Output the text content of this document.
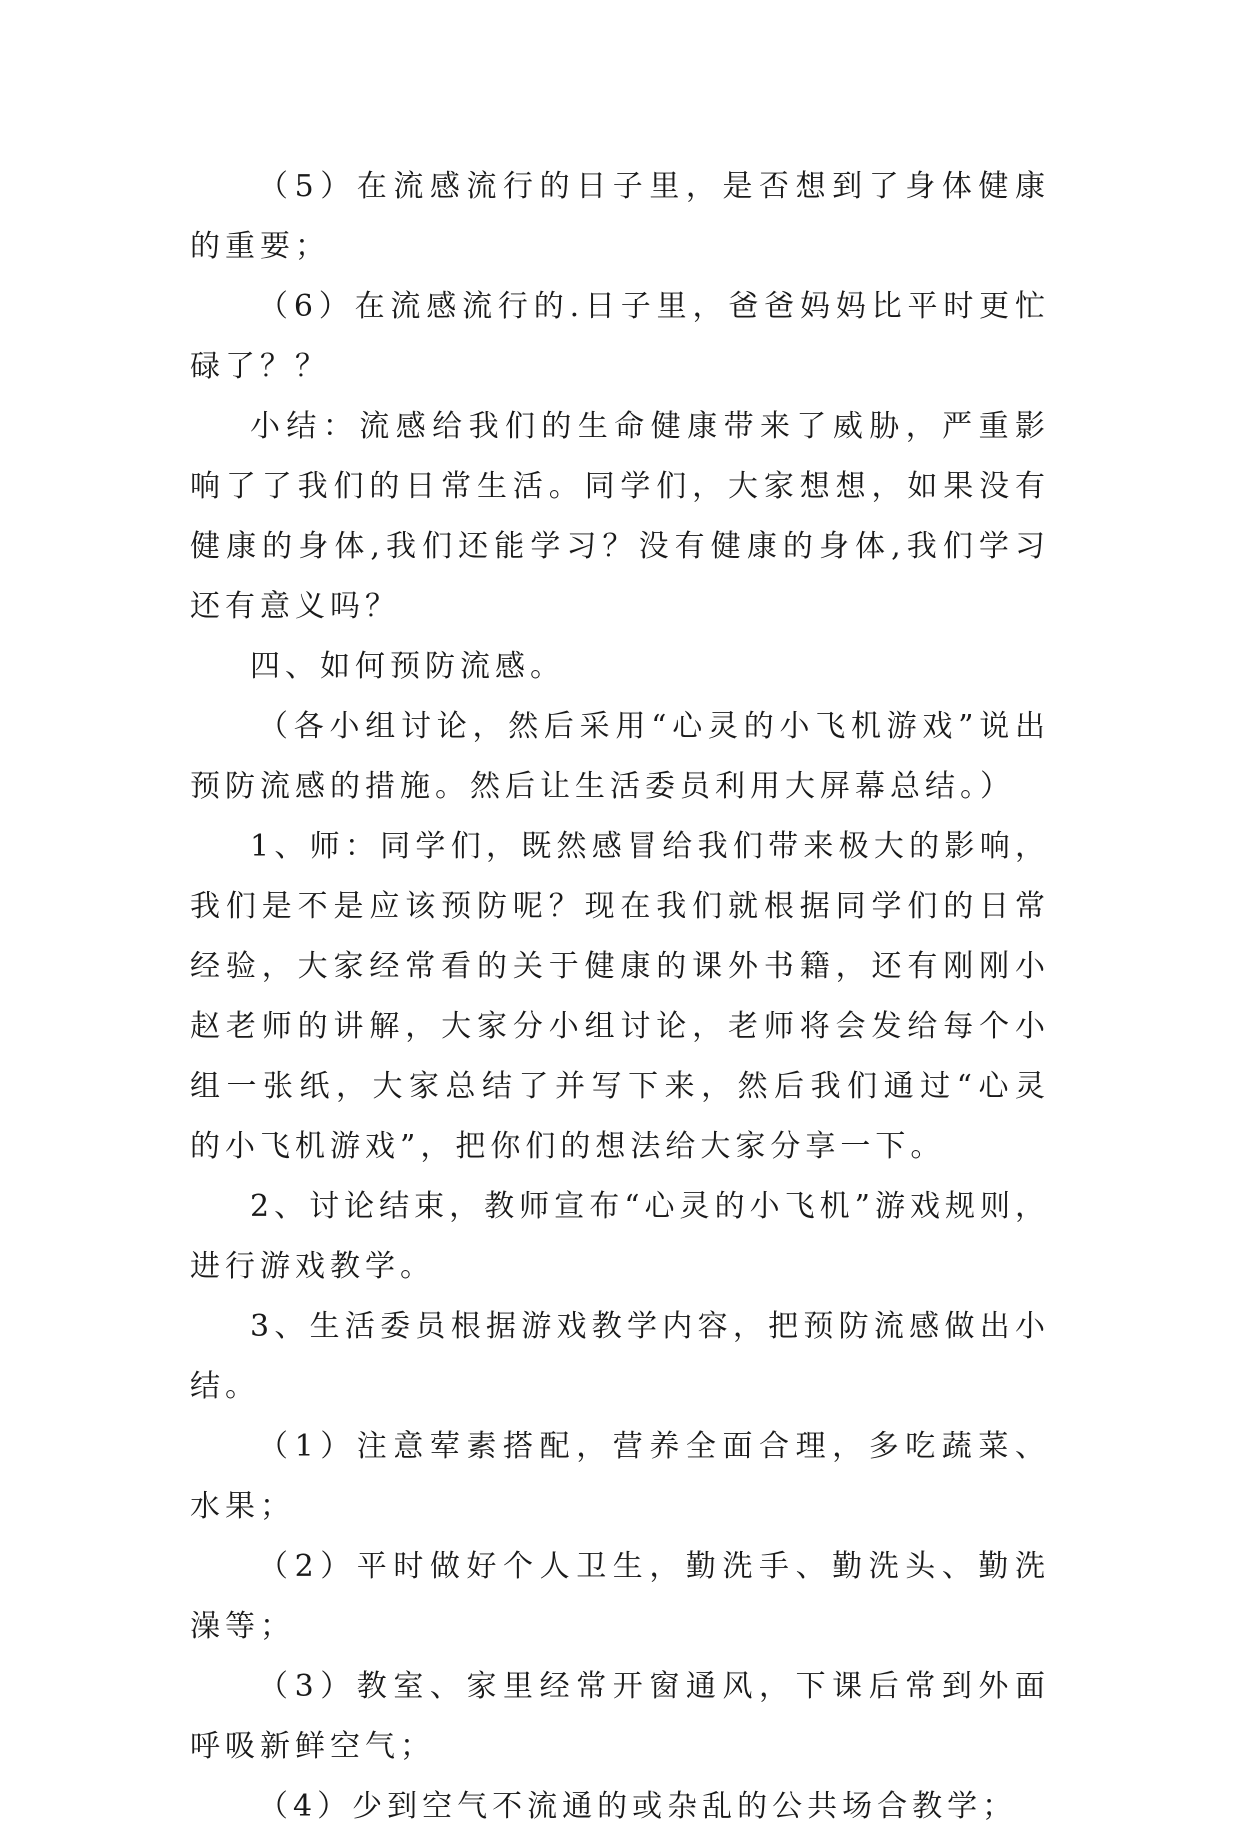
（5）在流感流行的日子里，是否想到了身体健康的重要；

（6）在流感流行的.日子里，爸爸妈妈比平时更忙碌了？？

小结：流感给我们的生命健康带来了威胁，严重影响了了我们的日常生活。同学们，大家想想，如果没有健康的身体,我们还能学习？没有健康的身体,我们学习还有意义吗？

四、如何预防流感。

（各小组讨论，然后采用“心灵的小飞机游戏”说出预防流感的措施。然后让生活委员利用大屏幕总结。）

1、师：同学们，既然感冒给我们带来极大的影响，我们是不是应该预防呢？现在我们就根据同学们的日常经验，大家经常看的关于健康的课外书籍，还有刚刚小赵老师的讲解，大家分小组讨论，老师将会发给每个小组一张纸，大家总结了并写下来，然后我们通过“心灵的小飞机游戏”，把你们的想法给大家分享一下。

2、讨论结束，教师宣布“心灵的小飞机”游戏规则，进行游戏教学。

3、生活委员根据游戏教学内容，把预防流感做出小结。

（1）注意荤素搭配，营养全面合理，多吃蔬菜、水果；

（2）平时做好个人卫生，勤洗手、勤洗头、勤洗澡等；

（3）教室、家里经常开窗通风，下课后常到外面呼吸新鲜空气；

（4）少到空气不流通的或杂乱的公共场合教学；
